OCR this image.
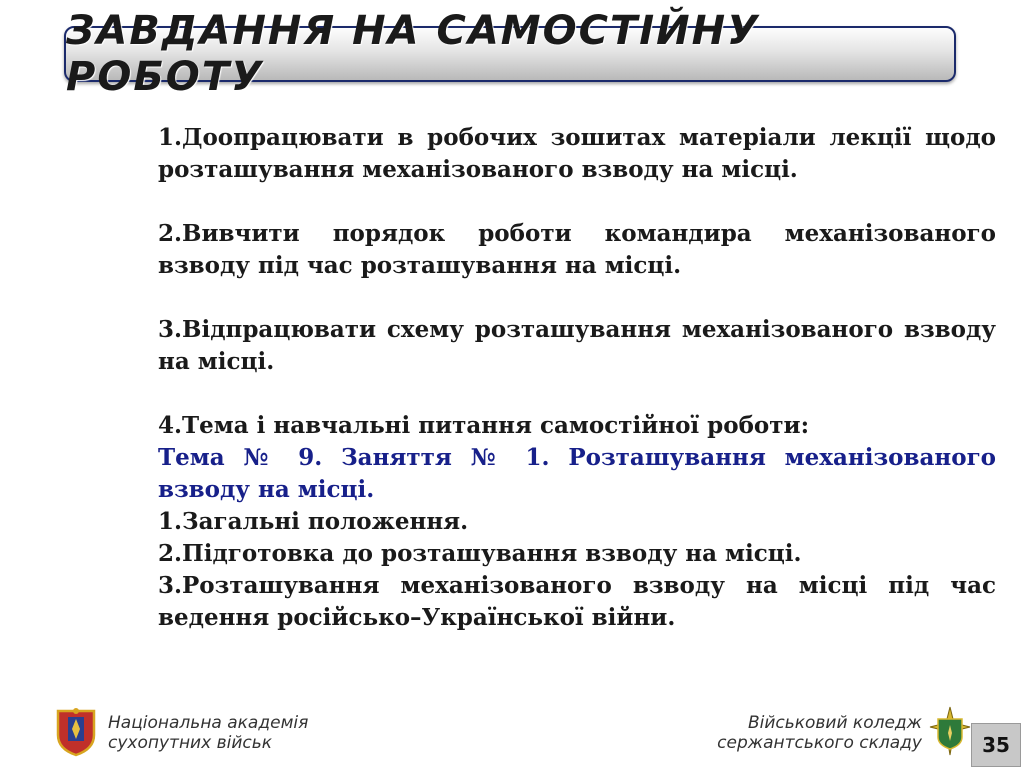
ЗАВДАННЯ НА САМОСТІЙНУ РОБОТУ

1.Доопрацювати в робочих зошитах матеріали лекції щодо розташування механізованого взводу на місці.

2.Вивчити порядок роботи командира механізованого взводу під час розташування на місці.

3.Відпрацювати схему розташування механізованого взводу на місці.

4.Тема і навчальні питання самостійної роботи:

Тема № 9. Заняття № 1. Розташування механізованого взводу на місці.

1.Загальні положення.

2.Підготовка до розташування взводу на місці.

3.Розташування механізованого взводу на місці під час ведення російсько–Української війни.

Національна академія
сухопутних військ
Військовий коледж
сержантського складу	35
